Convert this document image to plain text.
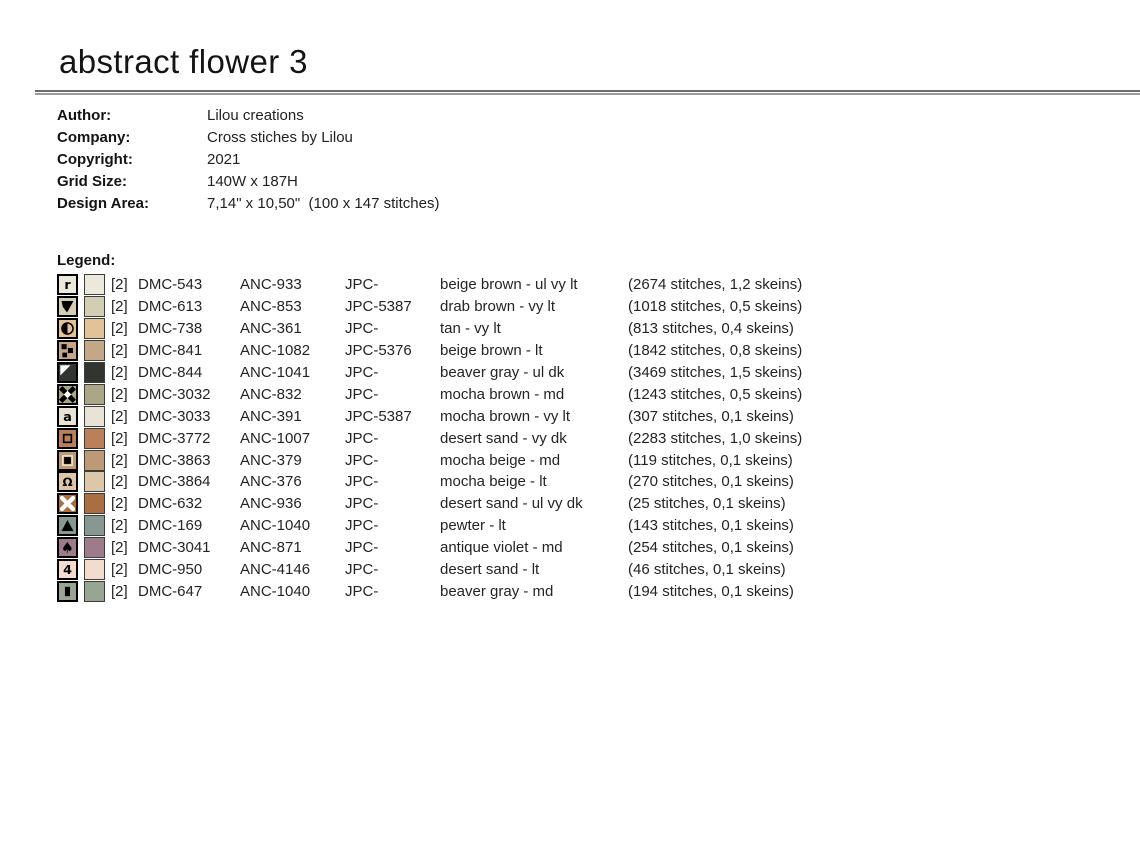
abstract flower 3
Author:	Lilou creations
Company:	Cross stiches by Lilou
Copyright:	2021
Grid Size:	140W x 187H
Design Area:	7,14" x 10,50"  (100 x 147 stitches)
Legend:
r	[2] DMC-543	ANC-933	JPC-	beige brown - ul vy lt	(2674 stitches, 1,2 skeins)
[2] DMC-613	ANC-853	JPC-5387	drab brown - vy lt	(1018 stitches, 0,5 skeins)
[2] DMC-738	ANC-361	JPC-	tan - vy lt	(813 stitches, 0,4 skeins)
[2] DMC-841	ANC-1082	JPC-5376	beige brown - lt	(1842 stitches, 0,8 skeins)
[2] DMC-844	ANC-1041	JPC-	beaver gray - ul dk	(3469 stitches, 1,5 skeins)
[2] DMC-3032	ANC-832	JPC-	mocha brown - md	(1243 stitches, 0,5 skeins)
a	[2] DMC-3033	ANC-391	JPC-5387	mocha brown - vy lt	(307 stitches, 0,1 skeins)
[2] DMC-3772	ANC-1007	JPC-	desert sand - vy dk	(2283 stitches, 1,0 skeins)
[2] DMC-3863	ANC-379	JPC-	mocha beige - md	(119 stitches, 0,1 skeins)
Ω	[2] DMC-3864	ANC-376	JPC-	mocha beige - lt	(270 stitches, 0,1 skeins)
[2] DMC-632	ANC-936	JPC-	desert sand - ul vy dk	(25 stitches, 0,1 skeins)
[2] DMC-169	ANC-1040	JPC-	pewter - lt	(143 stitches, 0,1 skeins)
♠ [2] DMC-3041	ANC-871	JPC-	antique violet - md	(254 stitches, 0,1 skeins)
4	[2] DMC-950	ANC-4146	JPC-	desert sand - lt	(46 stitches, 0,1 skeins)
[2] DMC-647	ANC-1040	JPC-	beaver gray - md	(194 stitches, 0,1 skeins)
